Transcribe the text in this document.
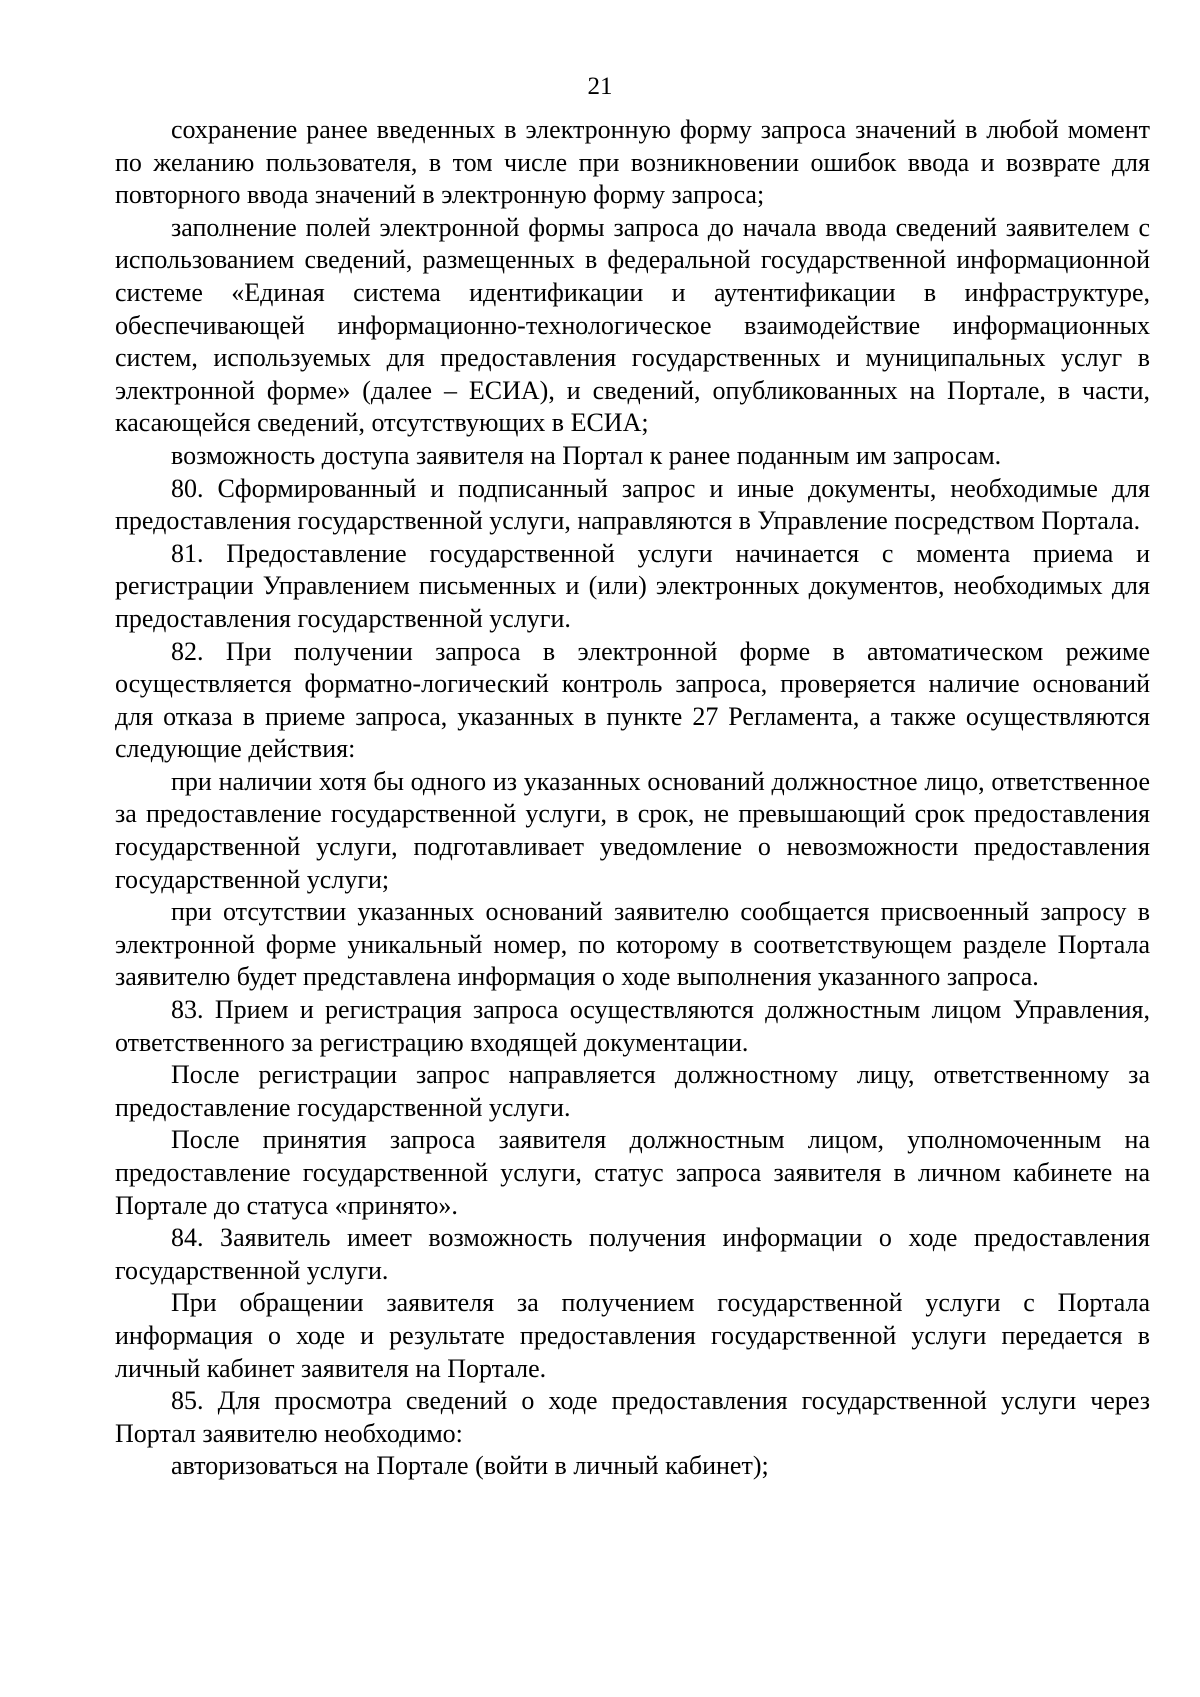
21

сохранение ранее введенных в электронную форму запроса значений в любой момент по желанию пользователя, в том числе при возникновении ошибок ввода и возврате для повторного ввода значений в электронную форму запроса;

заполнение полей электронной формы запроса до начала ввода сведений заявителем с использованием сведений, размещенных в федеральной государственной информационной системе «Единая система идентификации и аутентификации в инфраструктуре, обеспечивающей информационно-технологическое взаимодействие информационных систем, используемых для предоставления государственных и муниципальных услуг в электронной форме» (далее – ЕСИА), и сведений, опубликованных на Портале, в части, касающейся сведений, отсутствующих в ЕСИА;

возможность доступа заявителя на Портал к ранее поданным им запросам.

80. Сформированный и подписанный запрос и иные документы, необходимые для предоставления государственной услуги, направляются в Управление посредством Портала.

81. Предоставление государственной услуги начинается с момента приема и регистрации Управлением письменных и (или) электронных документов, необходимых для предоставления государственной услуги.

82. При получении запроса в электронной форме в автоматическом режиме осуществляется форматно-логический контроль запроса, проверяется наличие оснований для отказа в приеме запроса, указанных в пункте 27 Регламента, а также осуществляются следующие действия:

при наличии хотя бы одного из указанных оснований должностное лицо, ответственное за предоставление государственной услуги, в срок, не превышающий срок предоставления государственной услуги, подготавливает уведомление о невозможности предоставления государственной услуги;

при отсутствии указанных оснований заявителю сообщается присвоенный запросу в электронной форме уникальный номер, по которому в соответствующем разделе Портала заявителю будет представлена информация о ходе выполнения указанного запроса.

83. Прием и регистрация запроса осуществляются должностным лицом Управления, ответственного за регистрацию входящей документации.

После регистрации запрос направляется должностному лицу, ответственному за предоставление государственной услуги.

После принятия запроса заявителя должностным лицом, уполномоченным на предоставление государственной услуги, статус запроса заявителя в личном кабинете на Портале до статуса «принято».

84. Заявитель имеет возможность получения информации о ходе предоставления государственной услуги.

При обращении заявителя за получением государственной услуги с Портала информация о ходе и результате предоставления государственной услуги передается в личный кабинет заявителя на Портале.

85. Для просмотра сведений о ходе предоставления государственной услуги через Портал заявителю необходимо:

авторизоваться на Портале (войти в личный кабинет);
